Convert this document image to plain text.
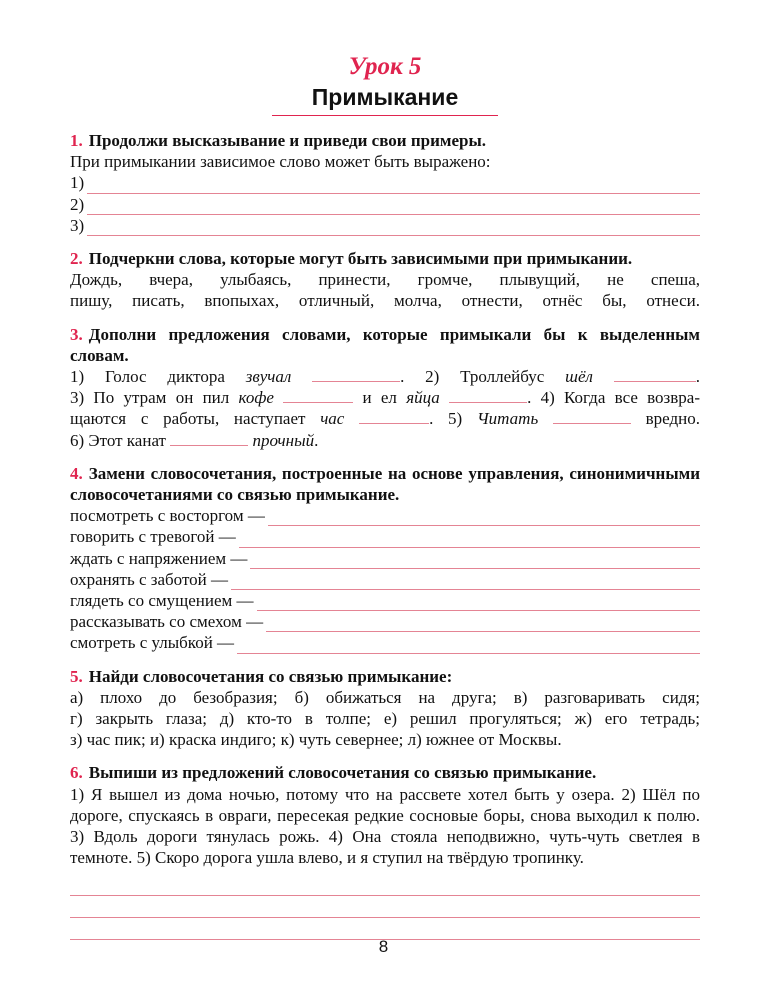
Урок 5
Примыкание
1. Продолжи высказывание и приведи свои примеры.
При примыкании зависимое слово может быть выражено:
1)
2)
3)
2. Подчеркни слова, которые могут быть зависимыми при примыкании.
Дождь, вчера, улыбаясь, принести, громче, плывущий, не спеша,
пишу, писать, впопыхах, отличный, молча, отнести, отнёс бы, отнеси.
3. Дополни предложения словами, которые примыкали бы к выделенным словам.
1) Голос диктора звучал	. 2) Троллейбус шёл	.
3) По утрам он пил кофе	и ел яйца	. 4) Когда все возвра-
щаются с работы, наступает час	. 5) Читать	вредно.
6) Этот канат	прочный.
4. Замени словосочетания, построенные на основе управления, синонимичными словосочетаниями со связью примыкание.
посмотреть с восторгом —
говорить с тревогой —
ждать с напряжением —
охранять с заботой —
глядеть со смущением —
рассказывать со смехом —
смотреть с улыбкой —
5. Найди словосочетания со связью примыкание:
а) плохо до безобразия; б) обижаться на друга; в) разговаривать сидя;
г) закрыть глаза; д) кто-то в толпе; е) решил прогуляться; ж) его тетрадь;
з) час пик; и) краска индиго; к) чуть севернее; л) южнее от Москвы.
6. Выпиши из предложений словосочетания со связью примыкание.
1) Я вышел из дома ночью, потому что на рассвете хотел быть у озера. 2) Шёл по дороге, спускаясь в овраги, пересекая редкие сосновые боры, снова выходил к полю. 3) Вдоль дороги тянулась рожь. 4) Она стояла неподвижно, чуть-чуть светлея в темноте. 5) Скоро дорога ушла влево, и я ступил на твёрдую тропинку.
8
